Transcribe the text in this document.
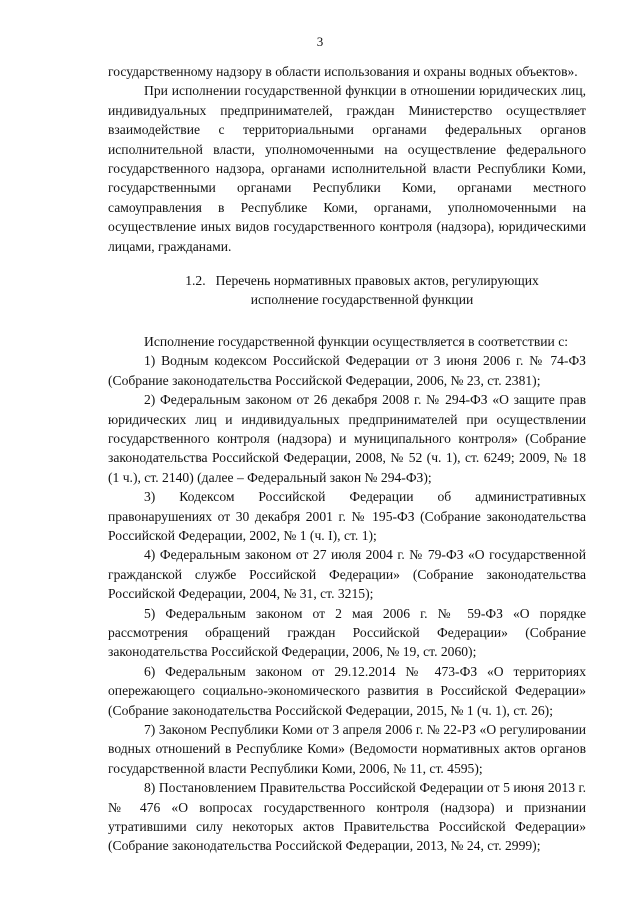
3

государственному надзору в области использования и охраны водных объектов».

При исполнении государственной функции в отношении юридических лиц, индивидуальных предпринимателей, граждан Министерство осуществляет взаимодействие с территориальными органами федеральных органов исполнительной власти, уполномоченными на осуществление федерального государственного надзора, органами исполнительной власти Республики Коми, государственными органами Республики Коми, органами местного самоуправления в Республике Коми, органами, уполномоченными на осуществление иных видов государственного контроля (надзора), юридическими лицами, гражданами.

1.2. Перечень нормативных правовых актов, регулирующих
исполнение государственной функции

Исполнение государственной функции осуществляется в соответствии с:

1) Водным кодексом Российской Федерации от 3 июня 2006 г. № 74-ФЗ (Собрание законодательства Российской Федерации, 2006, № 23, ст. 2381);

2) Федеральным законом от 26 декабря 2008 г. № 294-ФЗ «О защите прав юридических лиц и индивидуальных предпринимателей при осуществлении государственного контроля (надзора) и муниципального контроля» (Собрание законодательства Российской Федерации, 2008, № 52 (ч. 1), ст. 6249; 2009, № 18 (1 ч.), ст. 2140) (далее – Федеральный закон № 294-ФЗ);

3) Кодексом Российской Федерации об административных правонарушениях от 30 декабря 2001 г. № 195-ФЗ (Собрание законодательства Российской Федерации, 2002, № 1 (ч. I), ст. 1);

4) Федеральным законом от 27 июля 2004 г. № 79-ФЗ «О государственной гражданской службе Российской Федерации» (Собрание законодательства Российской Федерации, 2004, № 31, ст. 3215);

5) Федеральным законом от 2 мая 2006 г. № 59-ФЗ «О порядке рассмотрения обращений граждан Российской Федерации» (Собрание законодательства Российской Федерации, 2006, № 19, ст. 2060);

6) Федеральным законом от 29.12.2014 № 473-ФЗ «О территориях опережающего социально-экономического развития в Российской Федерации» (Собрание законодательства Российской Федерации, 2015, № 1 (ч. 1), ст. 26);

7) Законом Республики Коми от 3 апреля 2006 г. № 22-РЗ «О регулировании водных отношений в Республике Коми» (Ведомости нормативных актов органов государственной власти Республики Коми, 2006, № 11, ст. 4595);

8) Постановлением Правительства Российской Федерации от 5 июня 2013 г. № 476 «О вопросах государственного контроля (надзора) и признании утратившими силу некоторых актов Правительства Российской Федерации» (Собрание законодательства Российской Федерации, 2013, № 24, ст. 2999);
